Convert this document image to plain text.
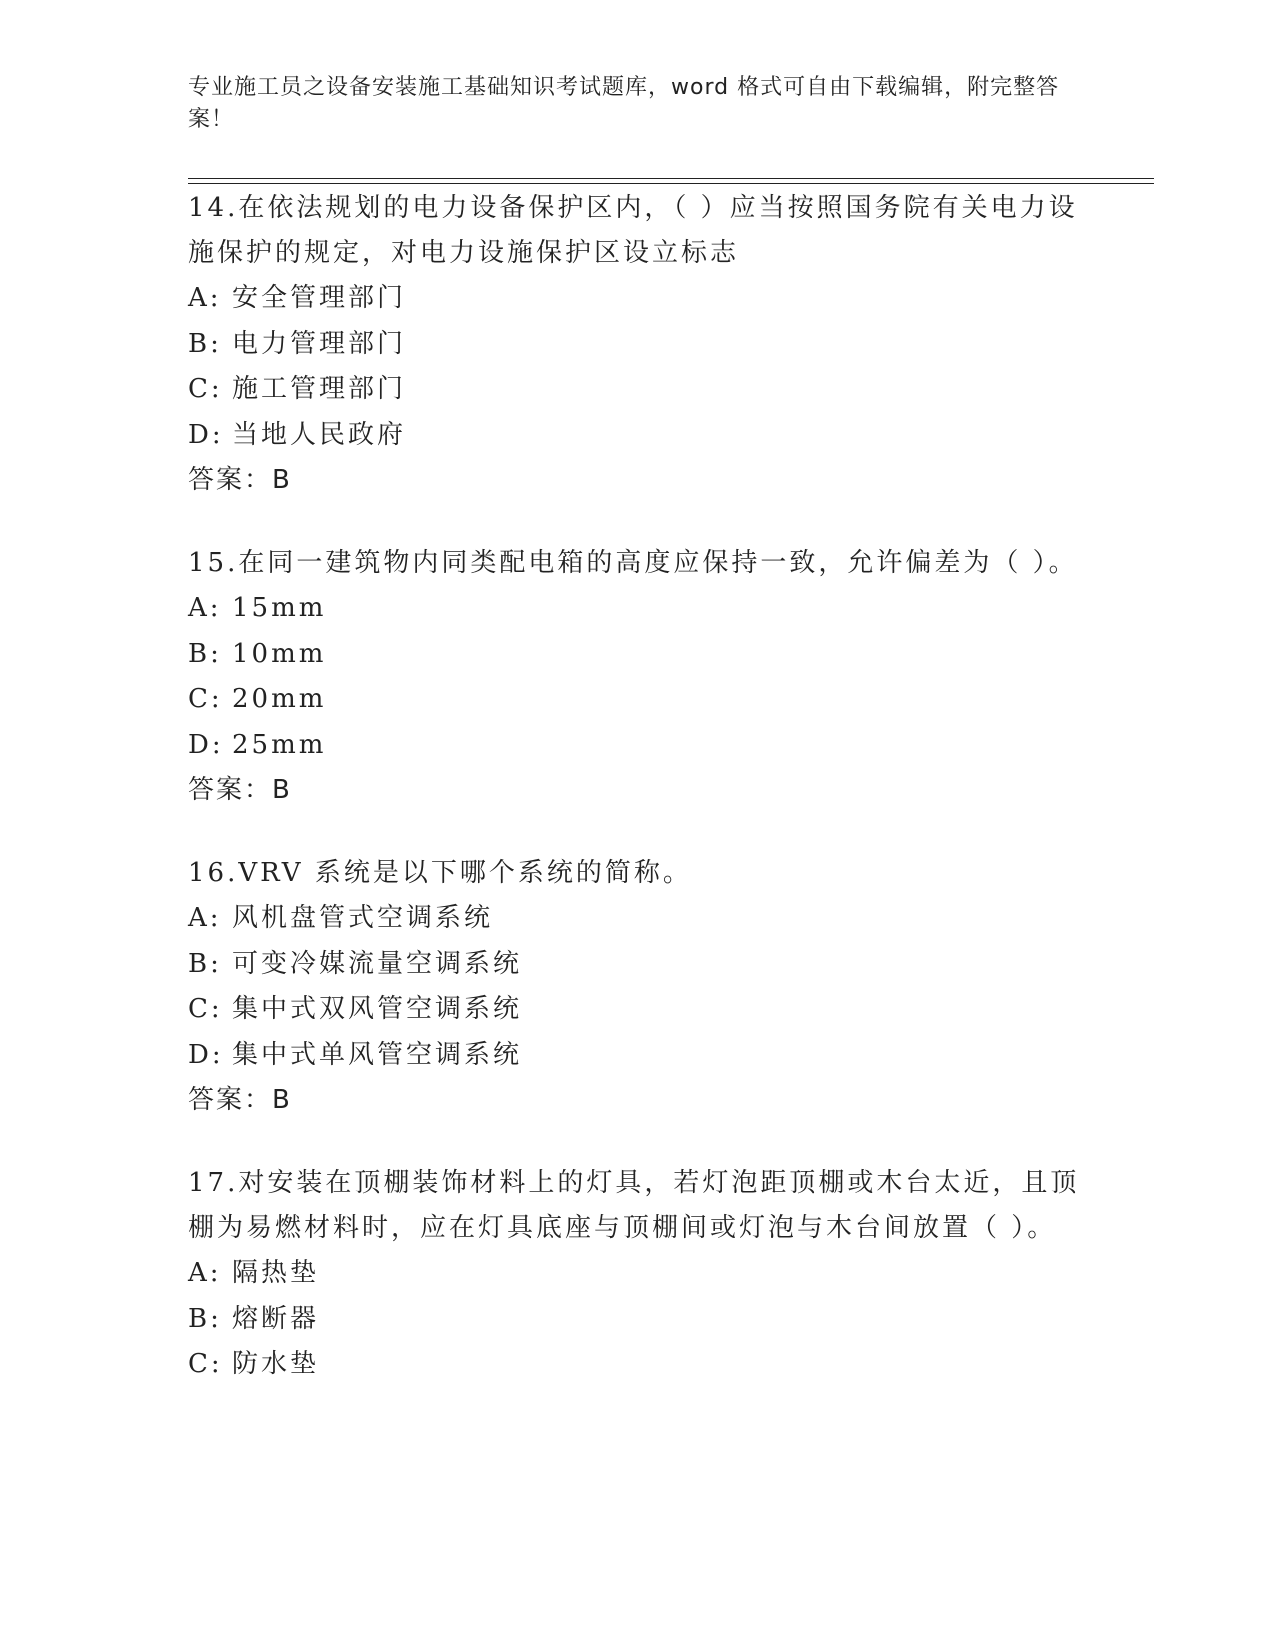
专业施工员之设备安装施工基础知识考试题库，word 格式可自由下载编辑，附完整答案！

14.在依法规划的电力设备保护区内，（ ）应当按照国务院有关电力设施保护的规定，对电力设施保护区设立标志

A: 安全管理部门

B: 电力管理部门

C: 施工管理部门

D: 当地人民政府

答案：B

15.在同一建筑物内同类配电箱的高度应保持一致，允许偏差为（ ）。

A: 15mm

B: 10mm

C: 20mm

D: 25mm

答案：B

16.VRV 系统是以下哪个系统的简称。

A: 风机盘管式空调系统

B: 可变冷媒流量空调系统

C: 集中式双风管空调系统

D: 集中式单风管空调系统

答案：B

17.对安装在顶棚装饰材料上的灯具，若灯泡距顶棚或木台太近，且顶棚为易燃材料时，应在灯具底座与顶棚间或灯泡与木台间放置（ ）。

A: 隔热垫

B: 熔断器

C: 防水垫
